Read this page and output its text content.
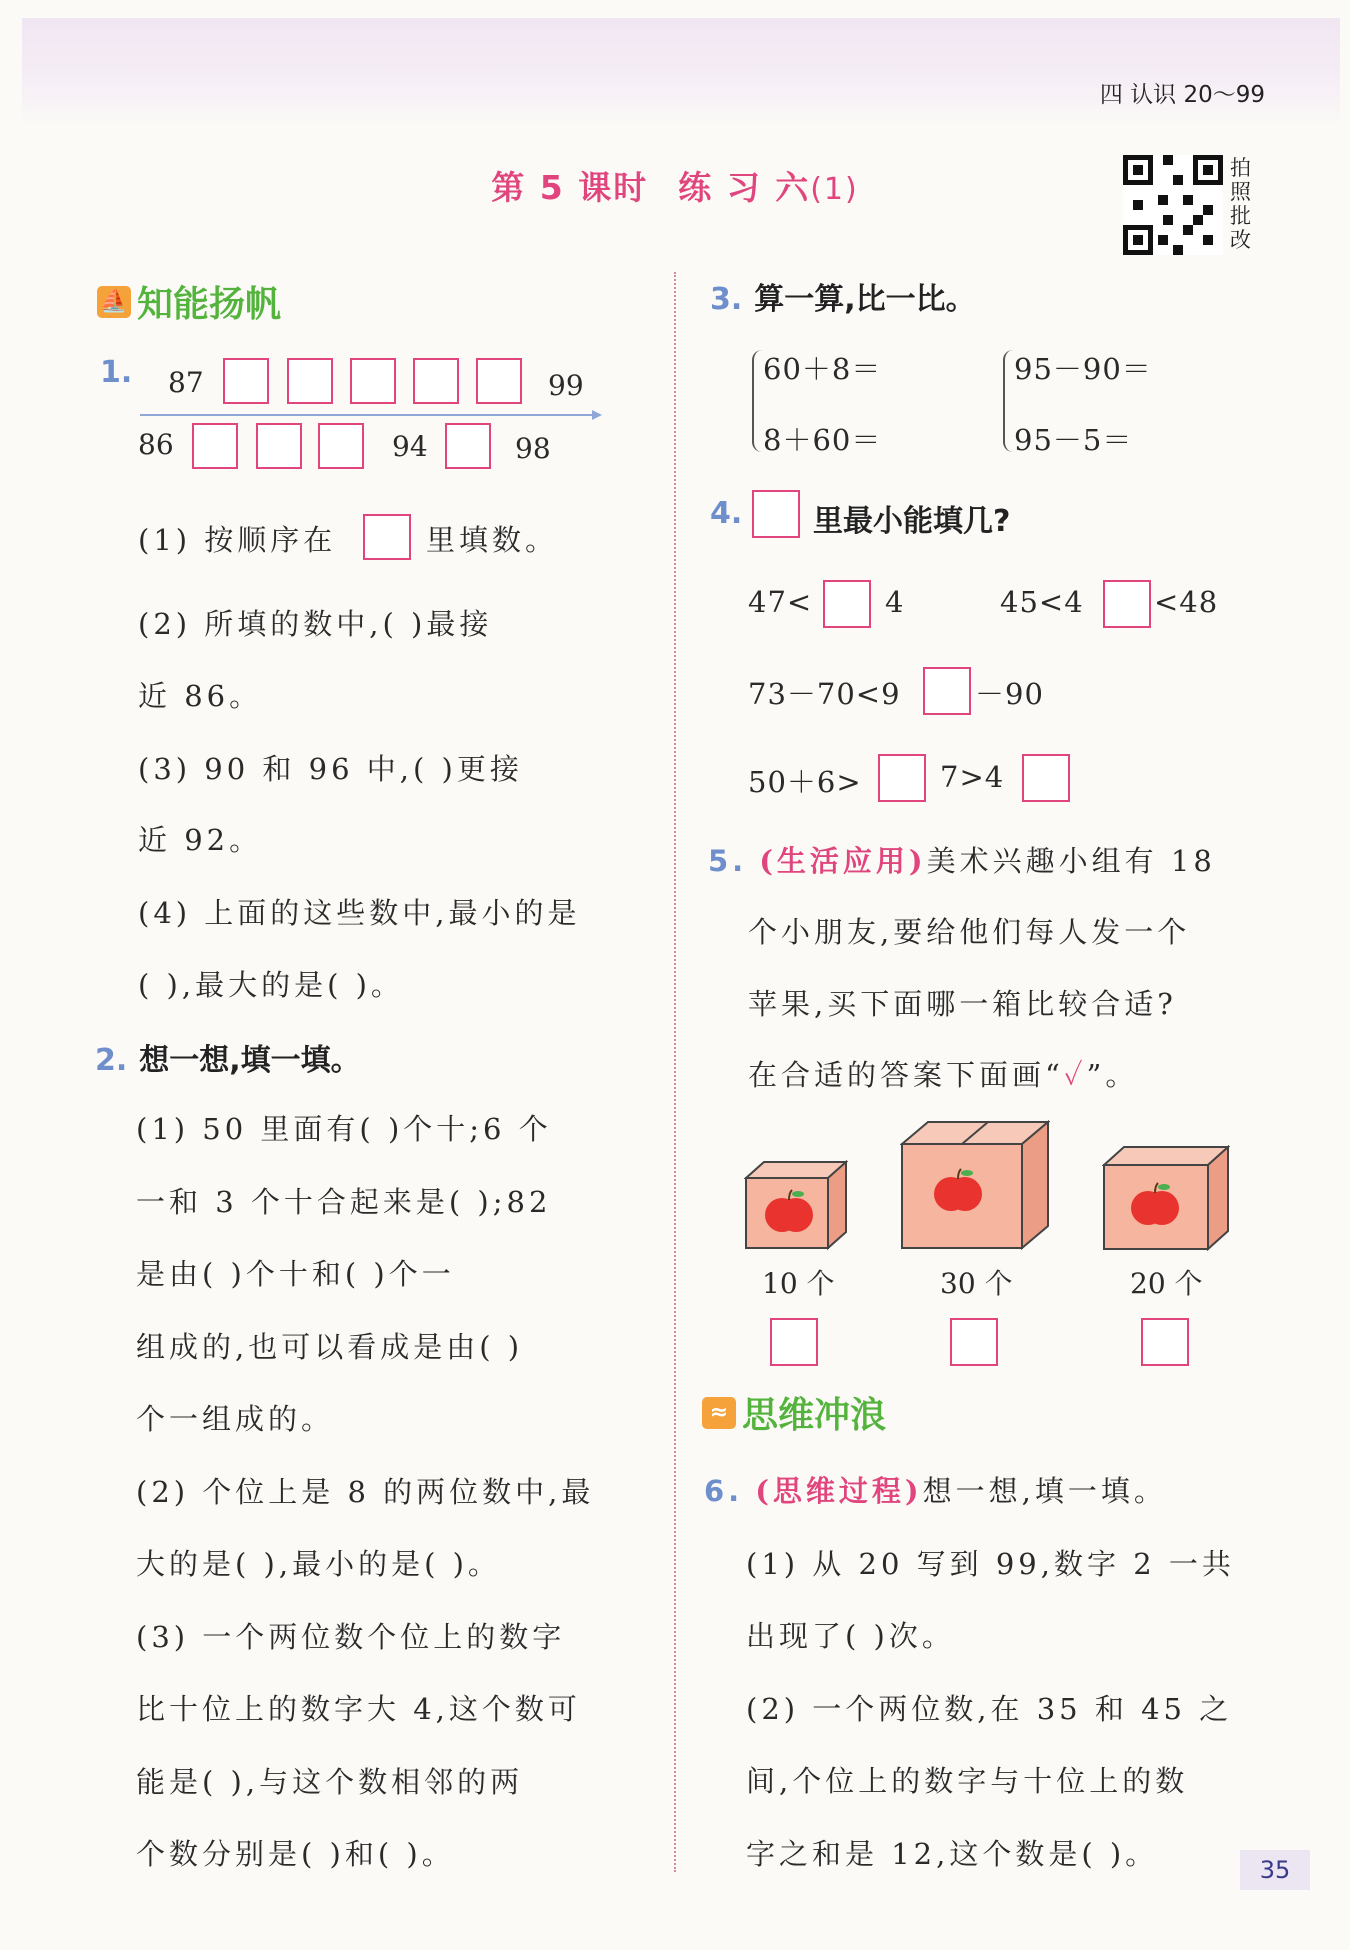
四 认识 20～99
第 5 课时 练 习 六(1)
拍照批改
⛵ 知能扬帆
1.	87	99
86	94	98
(1) 按顺序在	里填数。
(2) 所填的数中,( )最接
近 86。
(3) 90 和 96 中,( )更接
近 92。
(4) 上面的这些数中,最小的是
( ),最大的是( )。
2. 想一想,填一填。
(1) 50 里面有( )个十;6 个
一和 3 个十合起来是( );82
是由( )个十和( )个一
组成的,也可以看成是由( )
个一组成的。
(2) 个位上是 8 的两位数中,最
大的是( ),最小的是( )。
(3) 一个两位数个位上的数字
比十位上的数字大 4,这个数可
能是( ),与这个数相邻的两
个数分别是( )和( )。
3. 算一算,比一比。
60＋8＝
8＋60＝
95－90＝
95－5＝
4.	里最小能填几?
47<	4	45<4 <48
73－70<9	－90
50＋6>	7>4
5. (生活应用)美术兴趣小组有 18
个小朋友,要给他们每人发一个
苹果,买下面哪一箱比较合适?
在合适的答案下面画“✓”。
10 个	30 个	20 个
≈ 思维冲浪
6. (思维过程)想一想,填一填。
(1) 从 20 写到 99,数字 2 一共
出现了( )次。
(2) 一个两位数,在 35 和 45 之
间,个位上的数字与十位上的数
字之和是 12,这个数是( )。	35
